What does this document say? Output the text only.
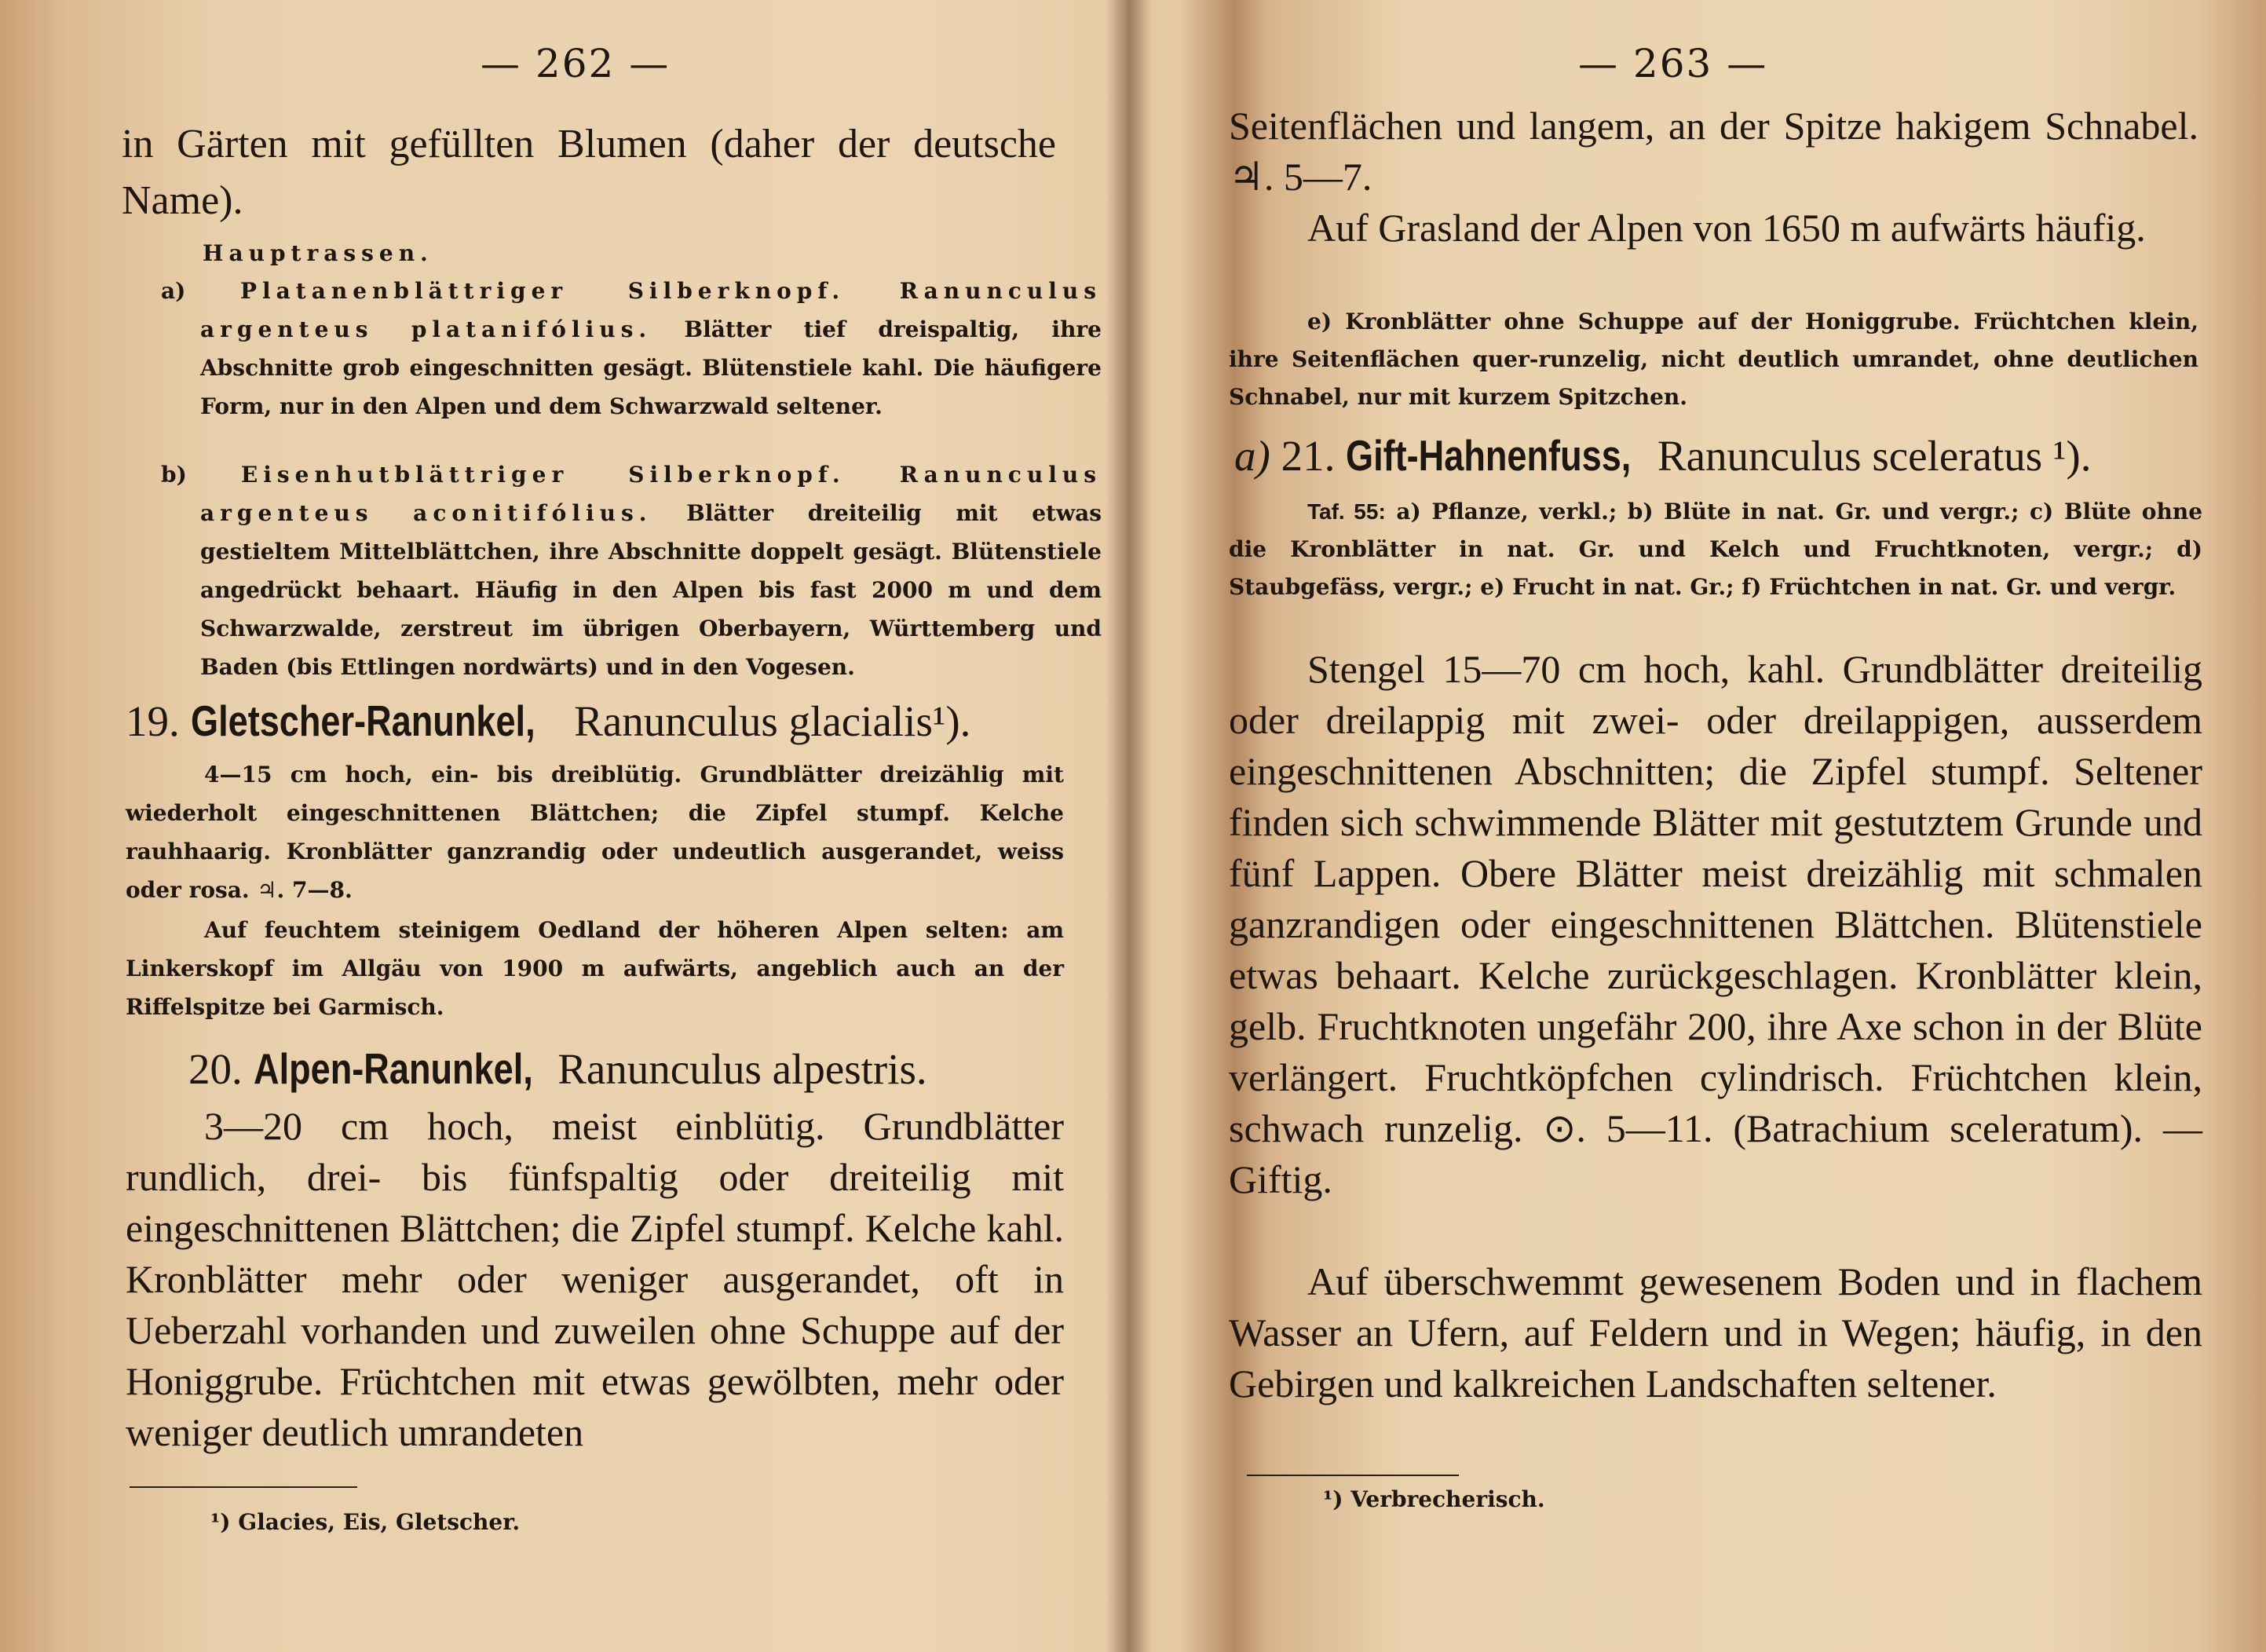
— 262 —
in Gärten mit gefüllten Blumen (daher der deutsche Name).
Hauptrassen.
a) Platanenblättriger Silberknopf. Ranunculus argenteus platanifólius. Blätter tief dreispaltig, ihre Abschnitte grob eingeschnitten gesägt. Blütenstiele kahl. Die häufigere Form, nur in den Alpen und dem Schwarzwald seltener.
b) Eisenhutblättriger Silberknopf. Ranunculus argenteus aconitifólius. Blätter dreiteilig mit etwas gestieltem Mittelblättchen, ihre Abschnitte doppelt gesägt. Blütenstiele angedrückt behaart. Häufig in den Alpen bis fast 2000 m und dem Schwarzwalde, zerstreut im übrigen Oberbayern, Württemberg und Baden (bis Ettlingen nordwärts) und in den Vogesen.
19. Gletscher-Ranunkel, Ranunculus glacialis¹).
4—15 cm hoch, ein- bis dreiblütig. Grundblätter dreizählig mit wiederholt eingeschnittenen Blättchen; die Zipfel stumpf. Kelche rauhhaarig. Kronblätter ganzrandig oder undeutlich ausgerandet, weiss oder rosa. ♃. 7—8.
Auf feuchtem steinigem Oedland der höheren Alpen selten: am Linkerskopf im Allgäu von 1900 m aufwärts, angeblich auch an der Riffelspitze bei Garmisch.
20. Alpen-Ranunkel, Ranunculus alpestris.
3—20 cm hoch, meist einblütig. Grundblätter rundlich, drei- bis fünfspaltig oder dreiteilig mit eingeschnittenen Blättchen; die Zipfel stumpf. Kelche kahl. Kronblätter mehr oder weniger ausgerandet, oft in Ueberzahl vorhanden und zuweilen ohne Schuppe auf der Honiggrube. Früchtchen mit etwas gewölbten, mehr oder weniger deutlich umrandeten
¹) Glacies, Eis, Gletscher.
— 263 —
Seitenflächen und langem, an der Spitze hakigem Schnabel. ♃. 5—7.
Auf Grasland der Alpen von 1650 m aufwärts häufig.
e) Kronblätter ohne Schuppe auf der Honiggrube. Früchtchen klein, ihre Seitenflächen quer-runzelig, nicht deutlich umrandet, ohne deutlichen Schnabel, nur mit kurzem Spitzchen.
a) 21. Gift-Hahnenfuss, Ranunculus sceleratus ¹).
Taf. 55: a) Pflanze, verkl.; b) Blüte in nat. Gr. und vergr.; c) Blüte ohne die Kronblätter in nat. Gr. und Kelch und Fruchtknoten, vergr.; d) Staubgefäss, vergr.; e) Frucht in nat. Gr.; f) Früchtchen in nat. Gr. und vergr.
Stengel 15—70 cm hoch, kahl. Grundblätter dreiteilig oder dreilappig mit zwei- oder dreilappigen, ausserdem eingeschnittenen Abschnitten; die Zipfel stumpf. Seltener finden sich schwimmende Blätter mit gestutztem Grunde und fünf Lappen. Obere Blätter meist dreizählig mit schmalen ganzrandigen oder eingeschnittenen Blättchen. Blütenstiele etwas behaart. Kelche zurückgeschlagen. Kronblätter klein, gelb. Fruchtknoten ungefähr 200, ihre Axe schon in der Blüte verlängert. Fruchtköpfchen cylindrisch. Früchtchen klein, schwach runzelig. ⊙. 5—11. (Batrachium sceleratum). — Giftig.
Auf überschwemmt gewesenem Boden und in flachem Wasser an Ufern, auf Feldern und in Wegen; häufig, in den Gebirgen und kalkreichen Landschaften seltener.
¹) Verbrecherisch.
